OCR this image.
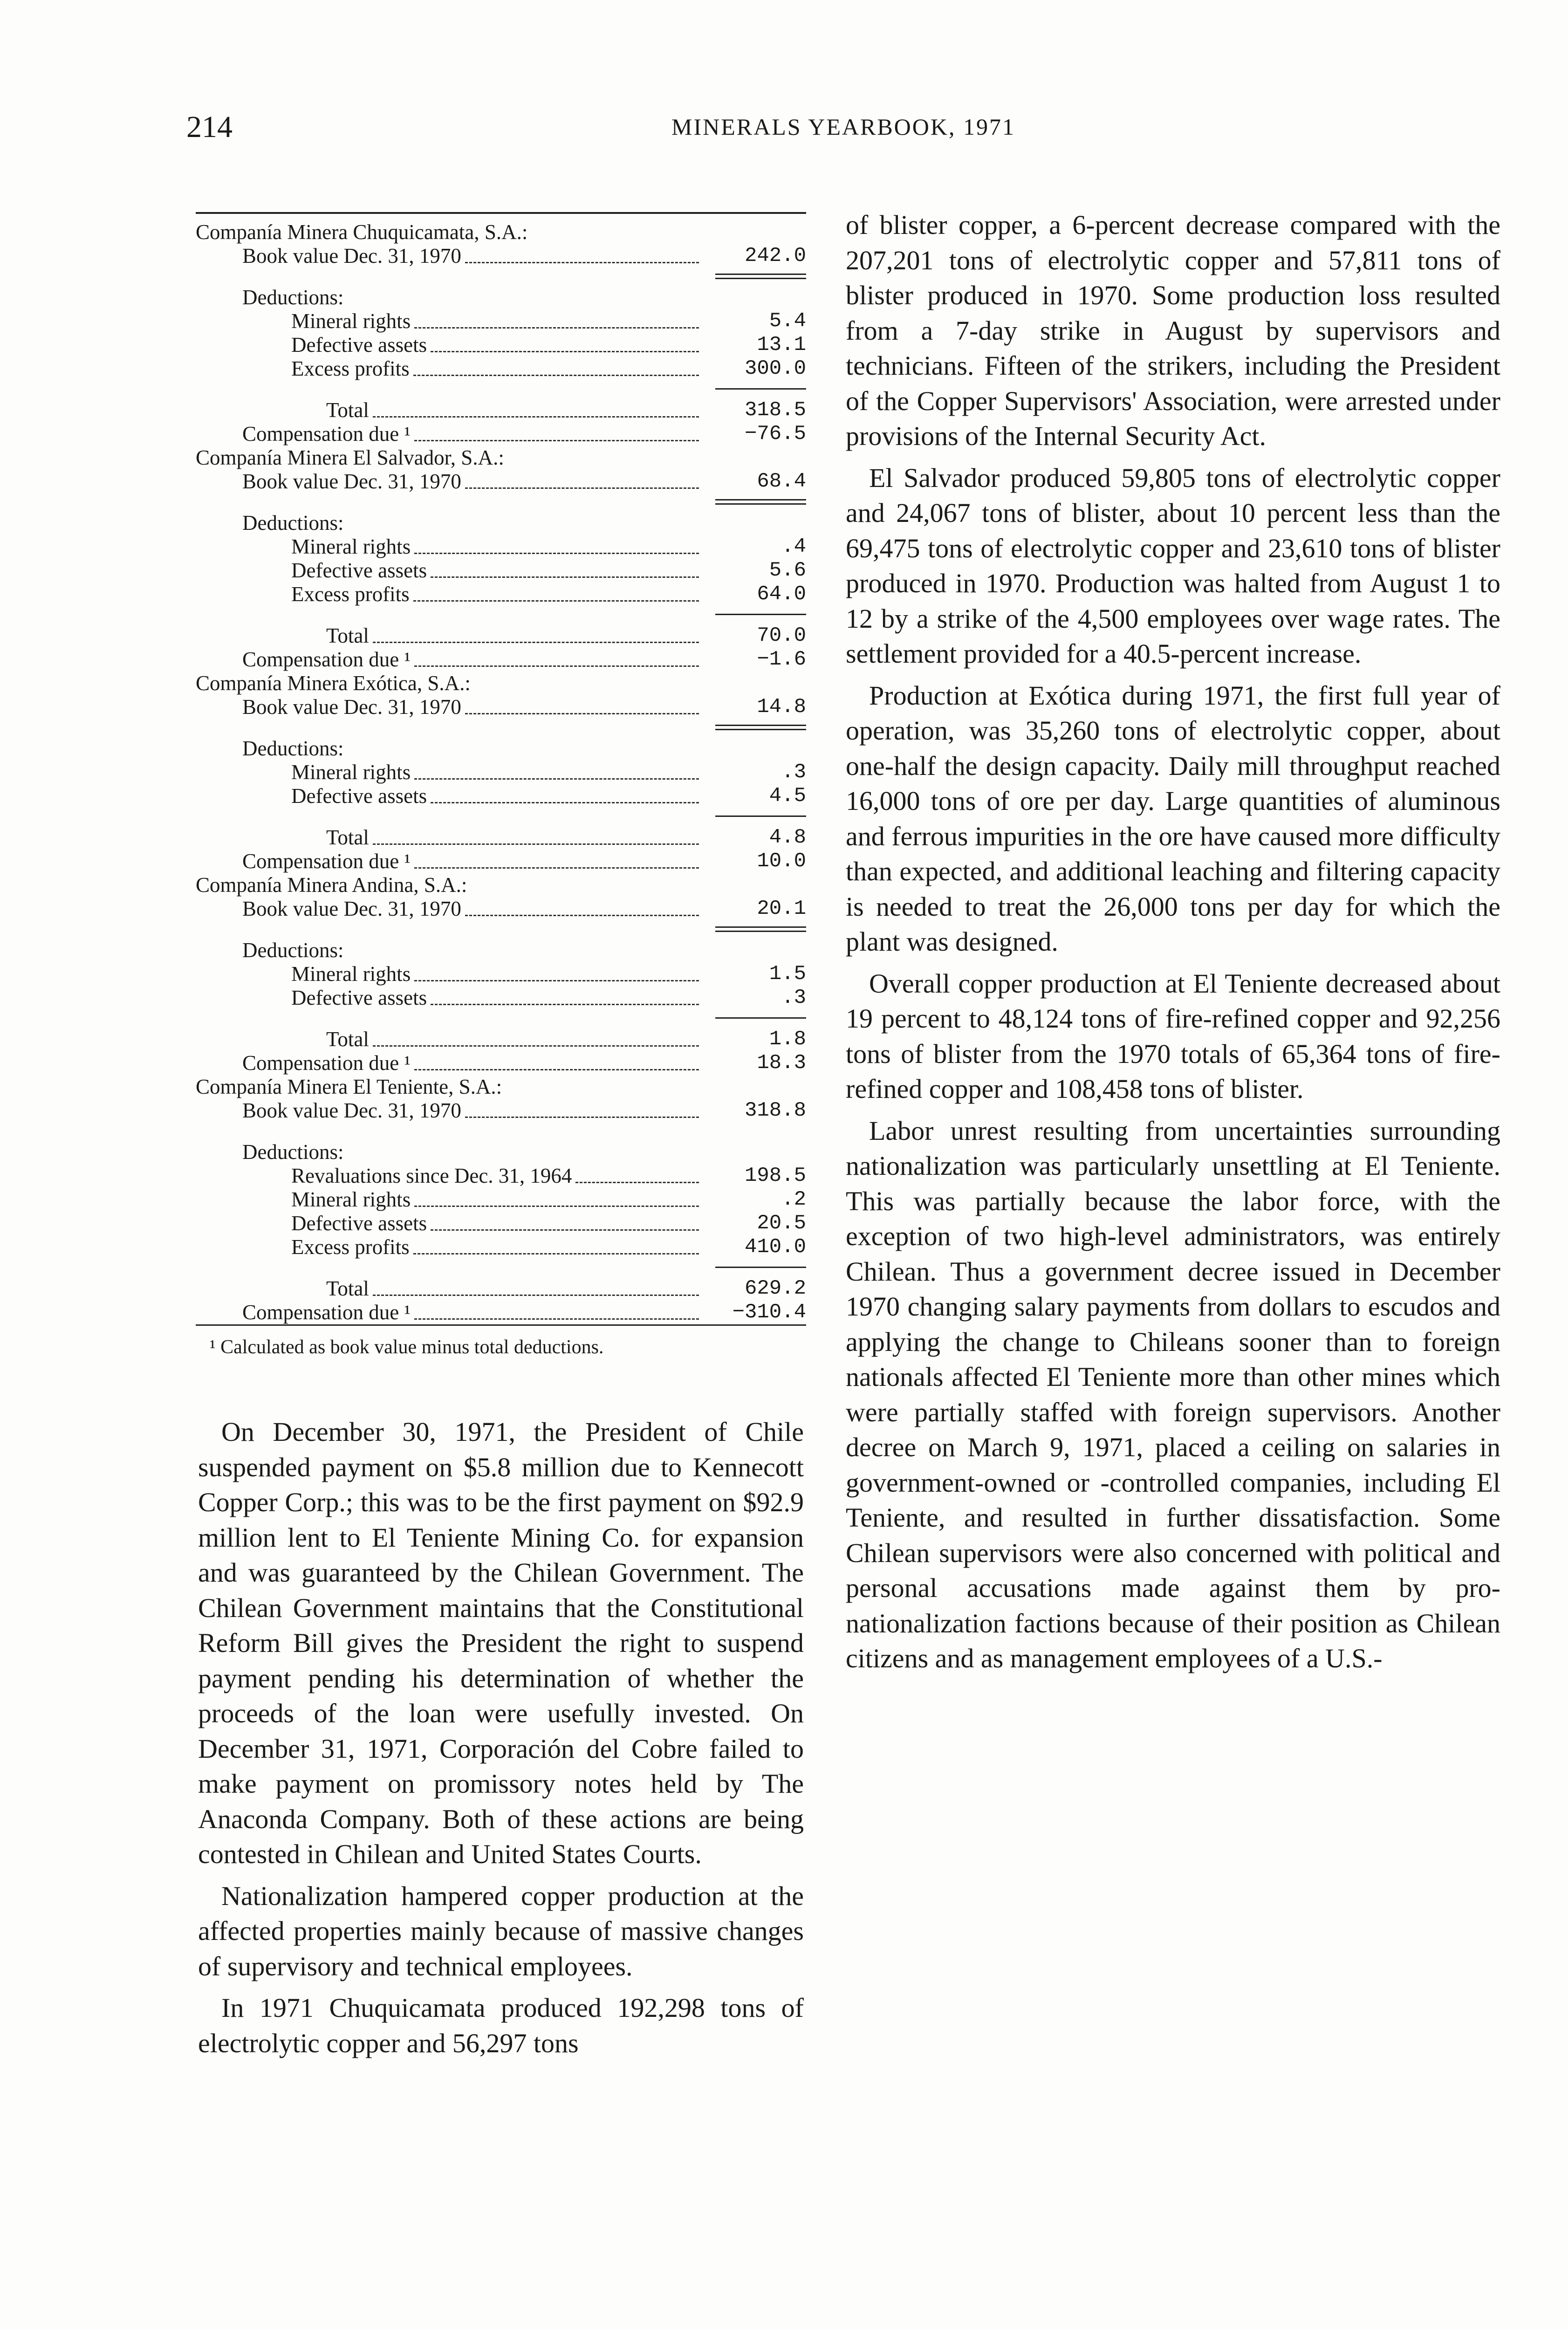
214	MINERALS YEARBOOK, 1971
Companía Minera Chuquicamata, S.A.:
Book value Dec. 31, 1970	242.0
Deductions:
Mineral rights	5.4
Defective assets	13.1
Excess profits	300.0
Total	318.5
Compensation due ¹	−76.5
Companía Minera El Salvador, S.A.:
Book value Dec. 31, 1970	68.4
Deductions:
Mineral rights	.4
Defective assets	5.6
Excess profits	64.0
Total	70.0
Compensation due ¹	−1.6
Companía Minera Exótica, S.A.:
Book value Dec. 31, 1970	14.8
Deductions:
Mineral rights	.3
Defective assets	4.5
Total	4.8
Compensation due ¹	10.0
Companía Minera Andina, S.A.:
Book value Dec. 31, 1970	20.1
Deductions:
Mineral rights	1.5
Defective assets	.3
Total	1.8
Compensation due ¹	18.3
Companía Minera El Teniente, S.A.:
Book value Dec. 31, 1970	318.8
Deductions:
Revaluations since Dec. 31, 1964	198.5
Mineral rights	.2
Defective assets	20.5
Excess profits	410.0
Total	629.2
Compensation due ¹	−310.4
¹ Calculated as book value minus total deductions.

On December 30, 1971, the President of Chile suspended payment on $5.8 million due to Kennecott Copper Corp.; this was to be the first payment on $92.9 million lent to El Teniente Mining Co. for expansion and was guaranteed by the Chilean Government. The Chilean Government maintains that the Constitutional Reform Bill gives the President the right to suspend payment pending his determination of whether the proceeds of the loan were usefully invested. On December 31, 1971, Corporación del Cobre failed to make payment on promissory notes held by The Anaconda Company. Both of these actions are being contested in Chilean and United States Courts.

Nationalization hampered copper production at the affected properties mainly because of massive changes of supervisory and technical employees.

In 1971 Chuquicamata produced 192,298 tons of electrolytic copper and 56,297 tons

of blister copper, a 6-percent decrease compared with the 207,201 tons of electrolytic copper and 57,811 tons of blister produced in 1970. Some production loss resulted from a 7-day strike in August by supervisors and technicians. Fifteen of the strikers, including the President of the Copper Supervisors' Association, were arrested under provisions of the Internal Security Act.

El Salvador produced 59,805 tons of electrolytic copper and 24,067 tons of blister, about 10 percent less than the 69,475 tons of electrolytic copper and 23,610 tons of blister produced in 1970. Production was halted from August 1 to 12 by a strike of the 4,500 employees over wage rates. The settlement provided for a 40.5-percent increase.

Production at Exótica during 1971, the first full year of operation, was 35,260 tons of electrolytic copper, about one-half the design capacity. Daily mill throughput reached 16,000 tons of ore per day. Large quantities of aluminous and ferrous impurities in the ore have caused more difficulty than expected, and additional leaching and filtering capacity is needed to treat the 26,000 tons per day for which the plant was designed.

Overall copper production at El Teniente decreased about 19 percent to 48,124 tons of fire-refined copper and 92,256 tons of blister from the 1970 totals of 65,364 tons of fire-refined copper and 108,458 tons of blister.

Labor unrest resulting from uncertainties surrounding nationalization was particularly unsettling at El Teniente. This was partially because the labor force, with the exception of two high-level administrators, was entirely Chilean. Thus a government decree issued in December 1970 changing salary payments from dollars to escudos and applying the change to Chileans sooner than to foreign nationals affected El Teniente more than other mines which were partially staffed with foreign supervisors. Another decree on March 9, 1971, placed a ceiling on salaries in government-owned or -controlled companies, including El Teniente, and resulted in further dissatisfaction. Some Chilean supervisors were also concerned with political and personal accusations made against them by pro-nationalization factions because of their position as Chilean citizens and as management employees of a U.S.-
